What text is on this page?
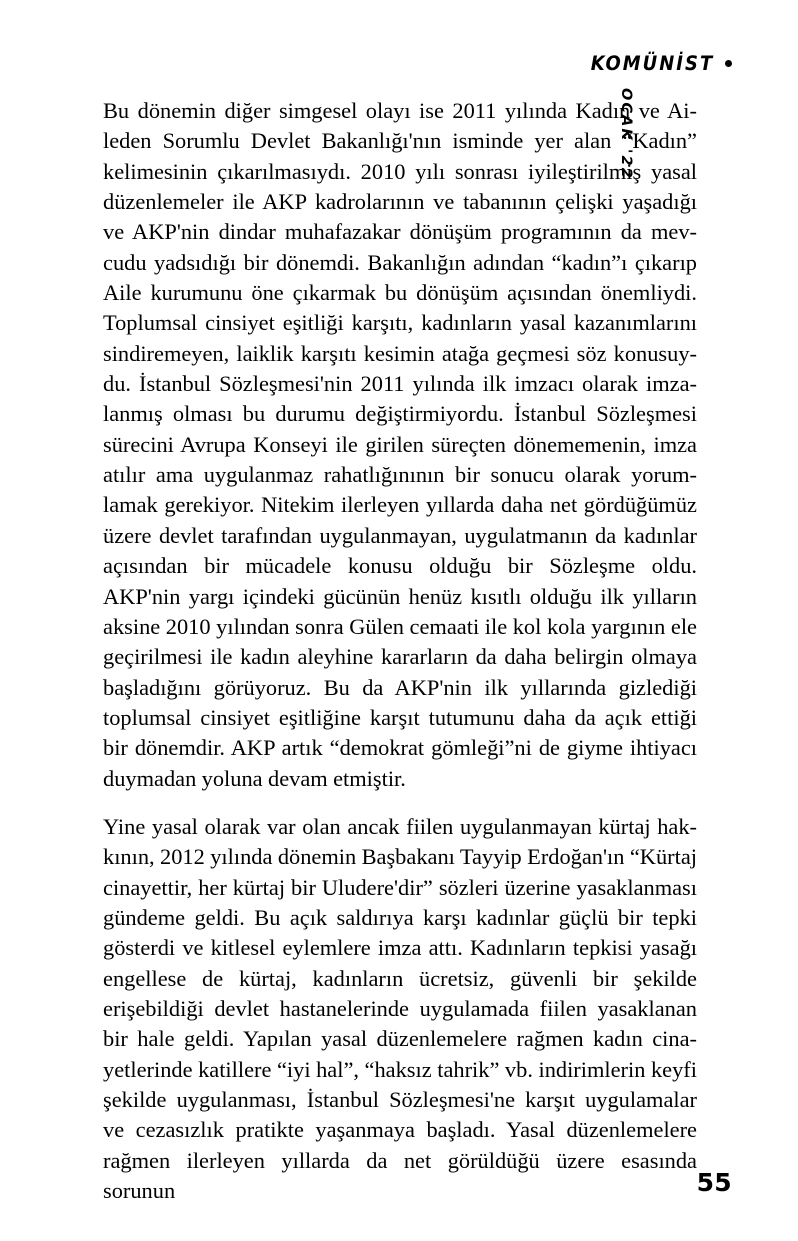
KOMÜNİST
OCAK '22

Bu dönemin diğer simgesel olayı ise 2011 yılında Kadın ve Aileden Sorumlu Devlet Bakanlığı'nın isminde yer alan “Kadın” kelimesinin çıkarılmasıydı. 2010 yılı sonrası iyileştirilmiş yasal düzenlemeler ile AKP kadrolarının ve tabanının çelişki yaşadığı ve AKP'nin dindar muhafazakar dönüşüm programının da mevcudu yadsıdığı bir dönemdi. Bakanlığın adından “kadın”ı çıkarıp Aile kurumunu öne çıkarmak bu dönüşüm açısından önemliydi. Toplumsal cinsiyet eşitliği karşıtı, kadınların yasal kazanımlarını sindiremeyen, laiklik karşıtı kesimin atağa geçmesi söz konusuydu. İstanbul Sözleşmesi'nin 2011 yılında ilk imzacı olarak imzalanmış olması bu durumu değiştirmiyordu. İstanbul Sözleşmesi sürecini Avrupa Konseyi ile girilen süreçten dönememenin, imza atılır ama uygulanmaz rahatlığınının bir sonucu olarak yorumlamak gerekiyor. Nitekim ilerleyen yıllarda daha net gördüğümüz üzere devlet tarafından uygulanmayan, uygulatmanın da kadınlar açısından bir mücadele konusu olduğu bir Sözleşme oldu. AKP'nin yargı içindeki gücünün henüz kısıtlı olduğu ilk yılların aksine 2010 yılından sonra Gülen cemaati ile kol kola yargının ele geçirilmesi ile kadın aleyhine kararların da daha belirgin olmaya başladığını görüyoruz. Bu da AKP'nin ilk yıllarında gizlediği toplumsal cinsiyet eşitliğine karşıt tutumunu daha da açık ettiği bir dönemdir. AKP artık “demokrat gömleği”ni de giyme ihtiyacı duymadan yoluna devam etmiştir.

Yine yasal olarak var olan ancak fiilen uygulanmayan kürtaj hakkının, 2012 yılında dönemin Başbakanı Tayyip Erdoğan'ın “Kürtaj cinayettir, her kürtaj bir Uludere'dir” sözleri üzerine yasaklanması gündeme geldi. Bu açık saldırıya karşı kadınlar güçlü bir tepki gösterdi ve kitlesel eylemlere imza attı. Kadınların tepkisi yasağı engellese de kürtaj, kadınların ücretsiz, güvenli bir şekilde erişebildiği devlet hastanelerinde uygulamada fiilen yasaklanan bir hale geldi. Yapılan yasal düzenlemelere rağmen kadın cinayetlerinde katillere “iyi hal”, “haksız tahrik” vb. indirimlerin keyfi şekilde uygulanması, İstanbul Sözleşmesi'ne karşıt uygulamalar ve cezasızlık pratikte yaşanmaya başladı. Yasal düzenlemelere rağmen ilerleyen yıllarda da net görüldüğü üzere esasında sorunun	55
